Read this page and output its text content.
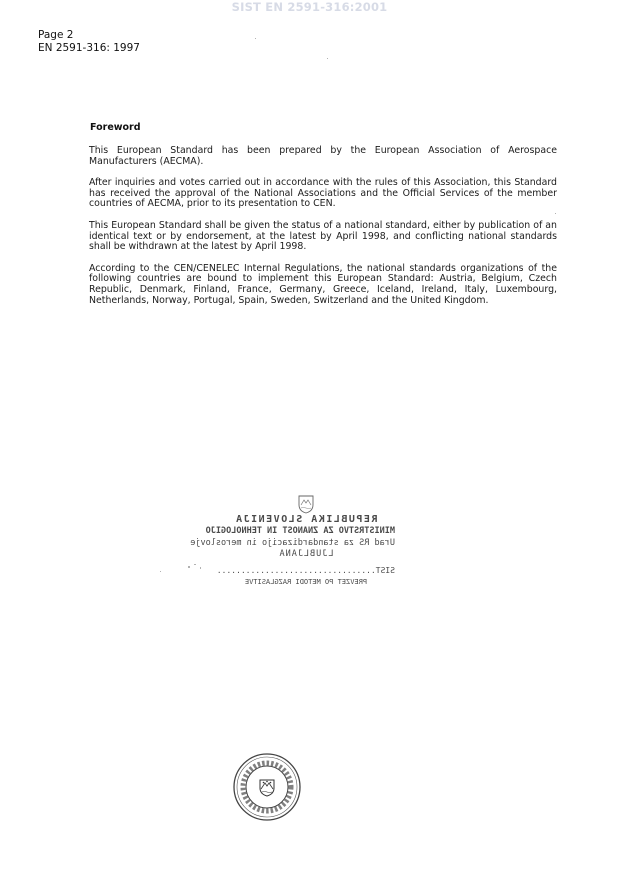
SIST EN 2591-316:2001
Page 2
EN 2591-316: 1997
Foreword

This European Standard has been prepared by the European Association of Aerospace Manufacturers (AECMA).

After inquiries and votes carried out in accordance with the rules of this Association, this Standard has received the approval of the National Associations and the Official Services of the member countries of AECMA, prior to its presentation to CEN.

This European Standard shall be given the status of a national standard, either by publication of an identical text or by endorsement, at the latest by April 1998, and conflicting national standards shall be withdrawn at the latest by April 1998.

According to the CEN/CENELEC Internal Regulations, the national standards organizations of the following countries are bound to implement this European Standard: Austria, Belgium, Czech Republic, Denmark, Finland, France, Germany, Greece, Iceland, Ireland, Italy, Luxembourg, Netherlands, Norway, Portugal, Spain, Sweden, Switzerland and the United Kingdom.

REPUBLIKA SLOVENIJA
MINISTRSTVO ZA ZNANOST IN TEHNOLOGIJO
Urad RS za standardizacijo in meroslovje
LJUBLJANA
SIST.................................
PREVZET PO METODI RAZGLASITVE
